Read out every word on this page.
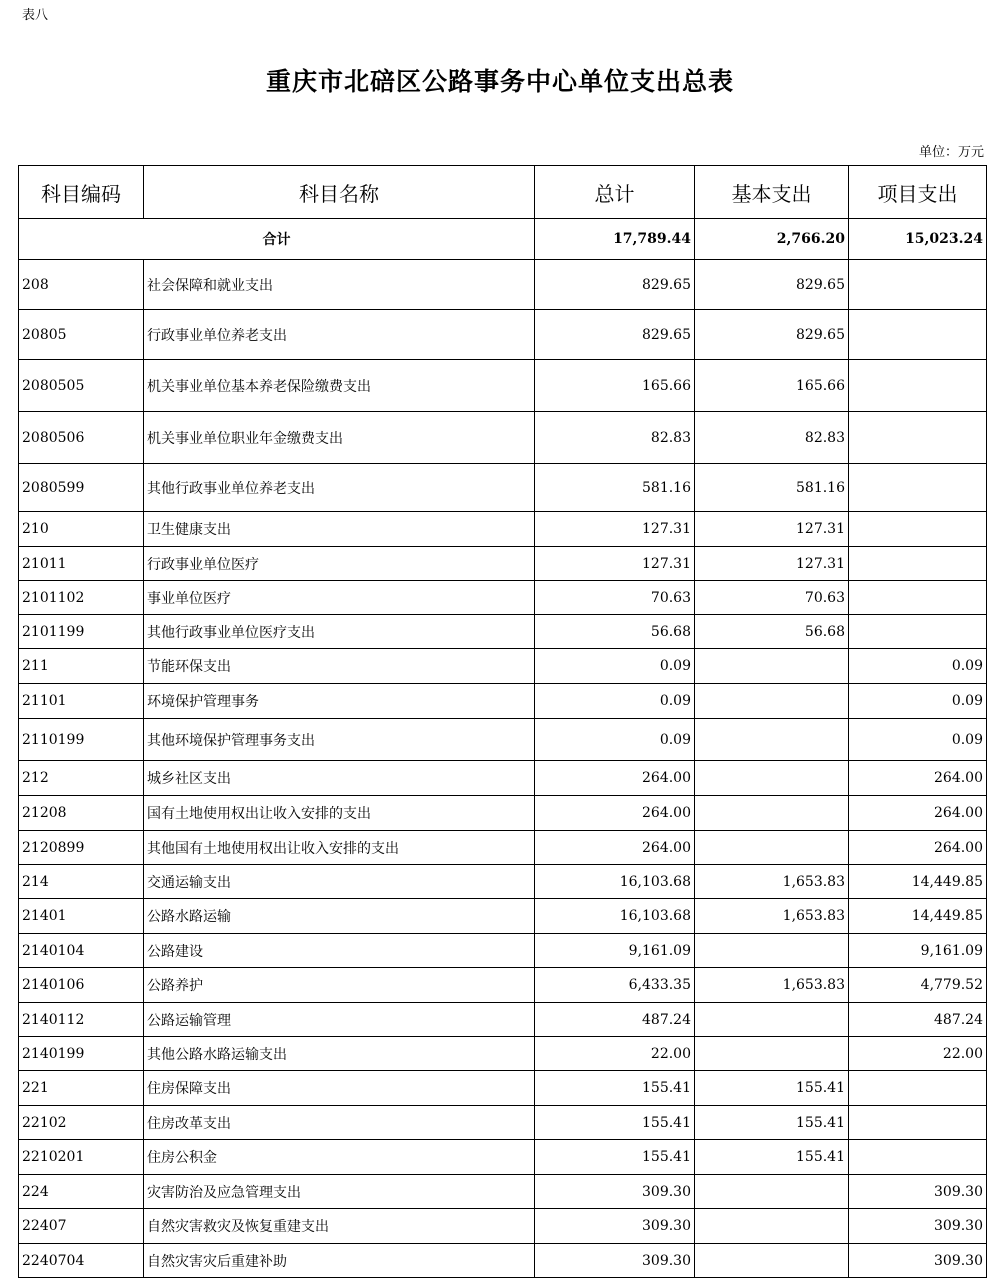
表八
重庆市北碚区公路事务中心单位支出总表
单位：万元
科目编码	科目名称	总计	基本支出	项目支出
合计		17,789.44	2,766.20	15,023.24
208	社会保障和就业支出	829.65	829.65	
20805	行政事业单位养老支出	829.65	829.65	
2080505	机关事业单位基本养老保险缴费支出	165.66	165.66	
2080506	机关事业单位职业年金缴费支出	82.83	82.83	
2080599	其他行政事业单位养老支出	581.16	581.16	
210	卫生健康支出	127.31	127.31	
21011	行政事业单位医疗	127.31	127.31	
2101102	事业单位医疗	70.63	70.63	
2101199	其他行政事业单位医疗支出	56.68	56.68	
211	节能环保支出	0.09		0.09
21101	环境保护管理事务	0.09		0.09
2110199	其他环境保护管理事务支出	0.09		0.09
212	城乡社区支出	264.00		264.00
21208	国有土地使用权出让收入安排的支出	264.00		264.00
2120899	其他国有土地使用权出让收入安排的支出	264.00		264.00
214	交通运输支出	16,103.68	1,653.83	14,449.85
21401	公路水路运输	16,103.68	1,653.83	14,449.85
2140104	公路建设	9,161.09		9,161.09
2140106	公路养护	6,433.35	1,653.83	4,779.52
2140112	公路运输管理	487.24		487.24
2140199	其他公路水路运输支出	22.00		22.00
221	住房保障支出	155.41	155.41	
22102	住房改革支出	155.41	155.41	
2210201	住房公积金	155.41	155.41	
224	灾害防治及应急管理支出	309.30		309.30
22407	自然灾害救灾及恢复重建支出	309.30		309.30
2240704	自然灾害灾后重建补助	309.30		309.30
